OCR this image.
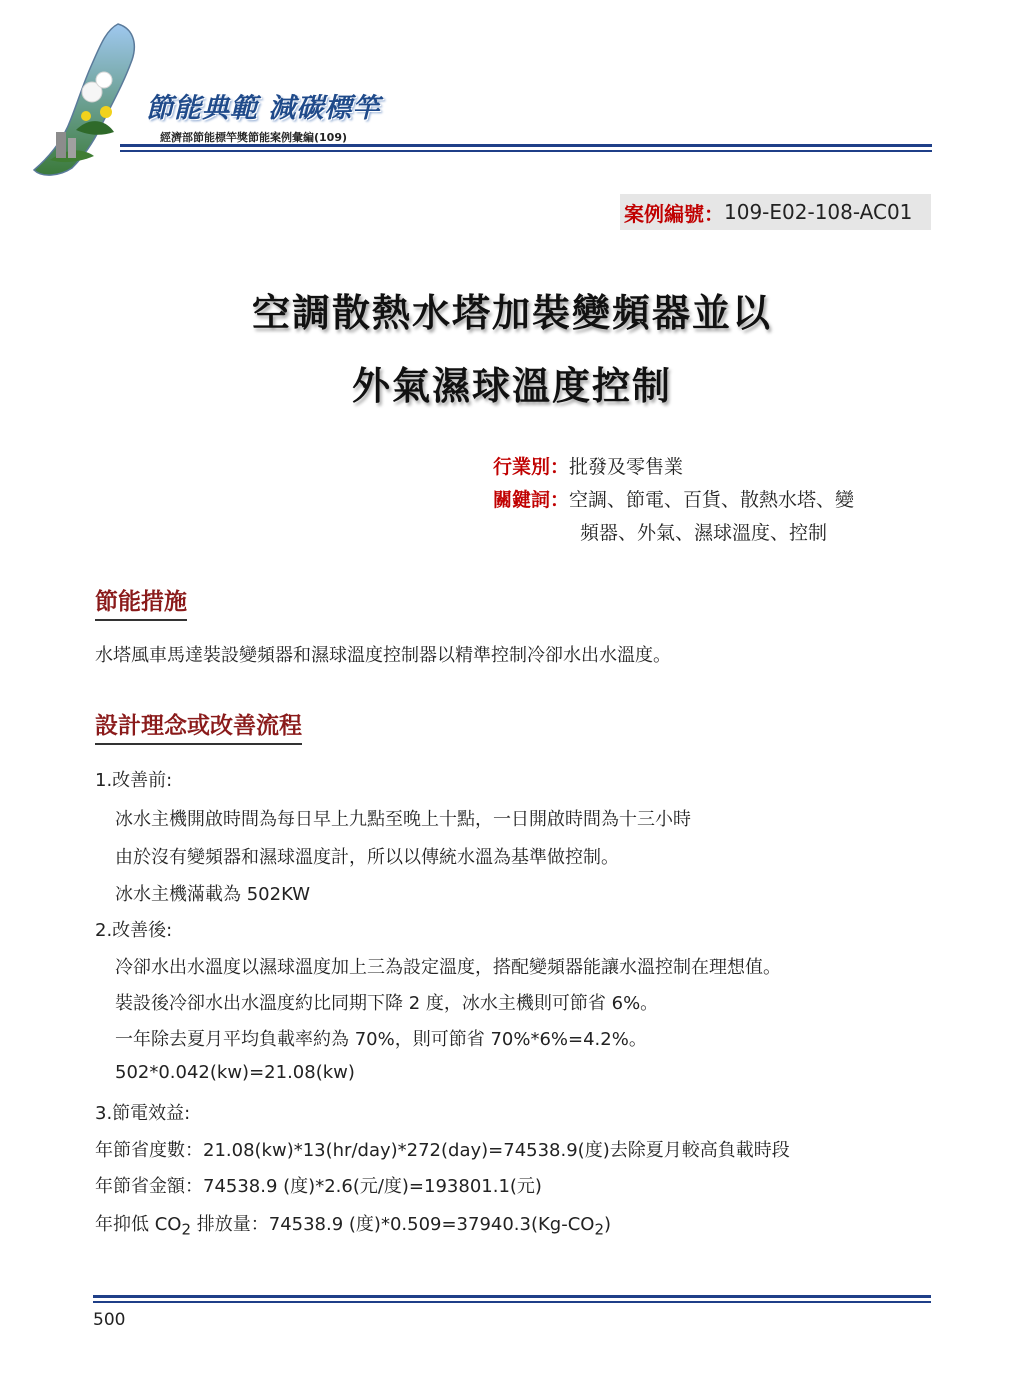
節能典範 減碳標竿
經濟部節能標竿獎節能案例彙編(109)
案例編號： 109-E02-108-AC01
空調散熱水塔加裝變頻器並以
外氣濕球溫度控制
行業別：批發及零售業
關鍵詞：空調、節電、百貨、散熱水塔、變
頻器、外氣、濕球溫度、控制
節能措施
水塔風車馬達裝設變頻器和濕球溫度控制器以精準控制冷卻水出水溫度。
設計理念或改善流程
1.改善前:
冰水主機開啟時間為每日早上九點至晚上十點，一日開啟時間為十三小時
由於沒有變頻器和濕球溫度計，所以以傳統水溫為基準做控制。
冰水主機滿載為 502KW
2.改善後:
冷卻水出水溫度以濕球溫度加上三為設定溫度，搭配變頻器能讓水溫控制在理想值。
裝設後冷卻水出水溫度約比同期下降 2 度，冰水主機則可節省 6%。
一年除去夏月平均負載率約為 70%，則可節省 70%*6%=4.2%。
502*0.042(kw)=21.08(kw)
3.節電效益:
年節省度數：21.08(kw)*13(hr/day)*272(day)=74538.9(度)去除夏月較高負載時段
年節省金額：74538.9 (度)*2.6(元/度)=193801.1(元)
年抑低 $CO_2$ 排放量：74538.9 (度)$*0.509=37940.3(Kg-CO_2)$
500
